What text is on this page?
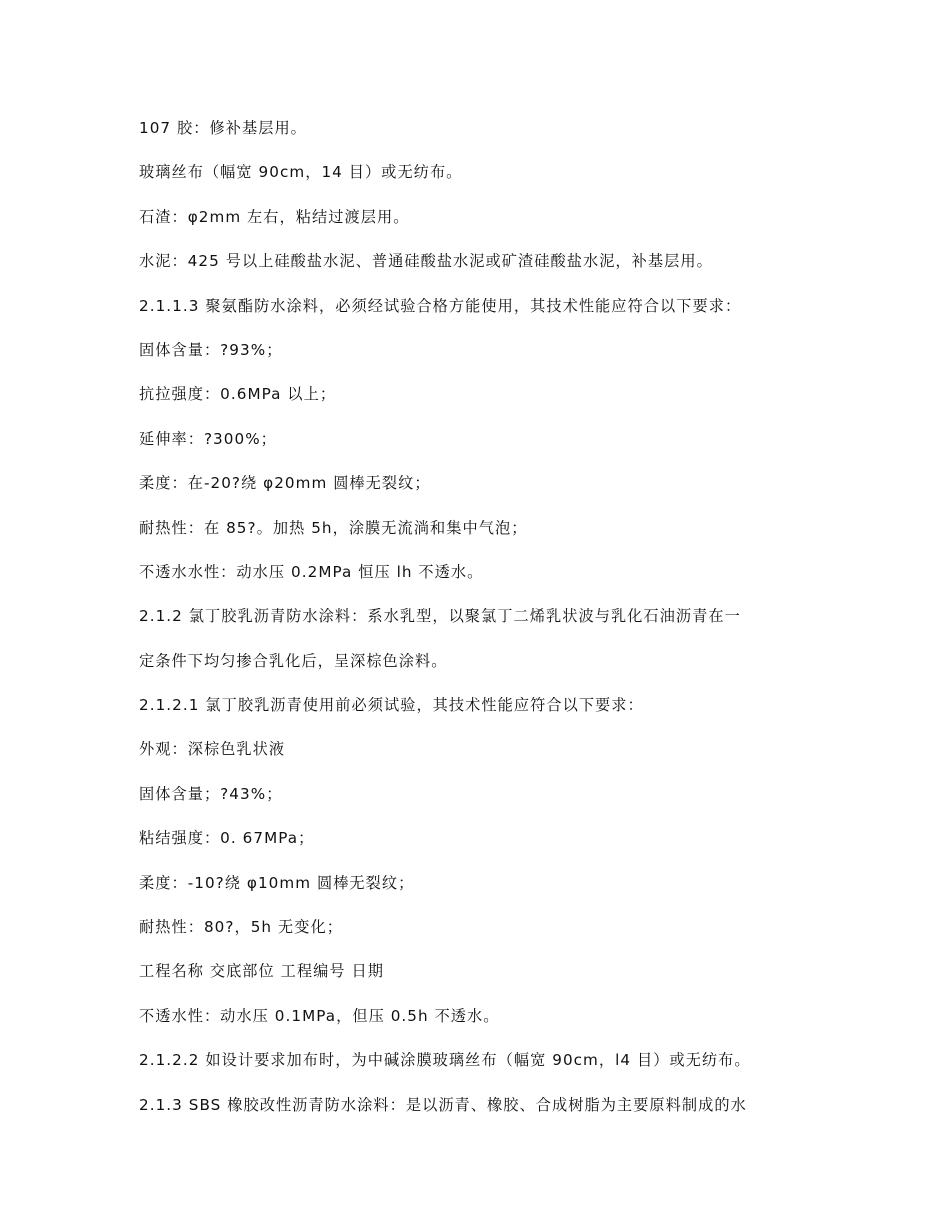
107 胶：修补基层用。
玻璃丝布（幅宽 90cm，14 目）或无纺布。
石渣：φ2mm 左右，粘结过渡层用。
水泥：425 号以上硅酸盐水泥、普通硅酸盐水泥或矿渣硅酸盐水泥，补基层用。
2.1.1.3 聚氨酯防水涂料，必须经试验合格方能使用，其技术性能应符合以下要求：
固体含量：?93%；
抗拉强度：0.6MPa 以上；
延伸率：?300%；
柔度：在-20?绕 φ20mm 圆棒无裂纹；
耐热性：在 85?。加热 5h，涂膜无流淌和集中气泡；
不透水水性：动水压 0.2MPa 恒压 lh 不透水。
2.1.2 氯丁胶乳沥青防水涂料：系水乳型，以聚氯丁二烯乳状波与乳化石油沥青在一
定条件下均匀掺合乳化后，呈深棕色涂料。
2.1.2.1 氯丁胶乳沥青使用前必须试验，其技术性能应符合以下要求：
外观：深棕色乳状液
固体含量；?43%；
粘结强度：0. 67MPa；
柔度：-10?绕 φ10mm 圆棒无裂纹；
耐热性：80?，5h 无变化；
工程名称 交底部位 工程编号 日期
不透水性：动水压 0.1MPa，但压 0.5h 不透水。
2.1.2.2 如设计要求加布时，为中碱涂膜玻璃丝布（幅宽 90cm，l4 目）或无纺布。
2.1.3 SBS 橡胶改性沥青防水涂料：是以沥青、橡胶、合成树脂为主要原料制成的水
